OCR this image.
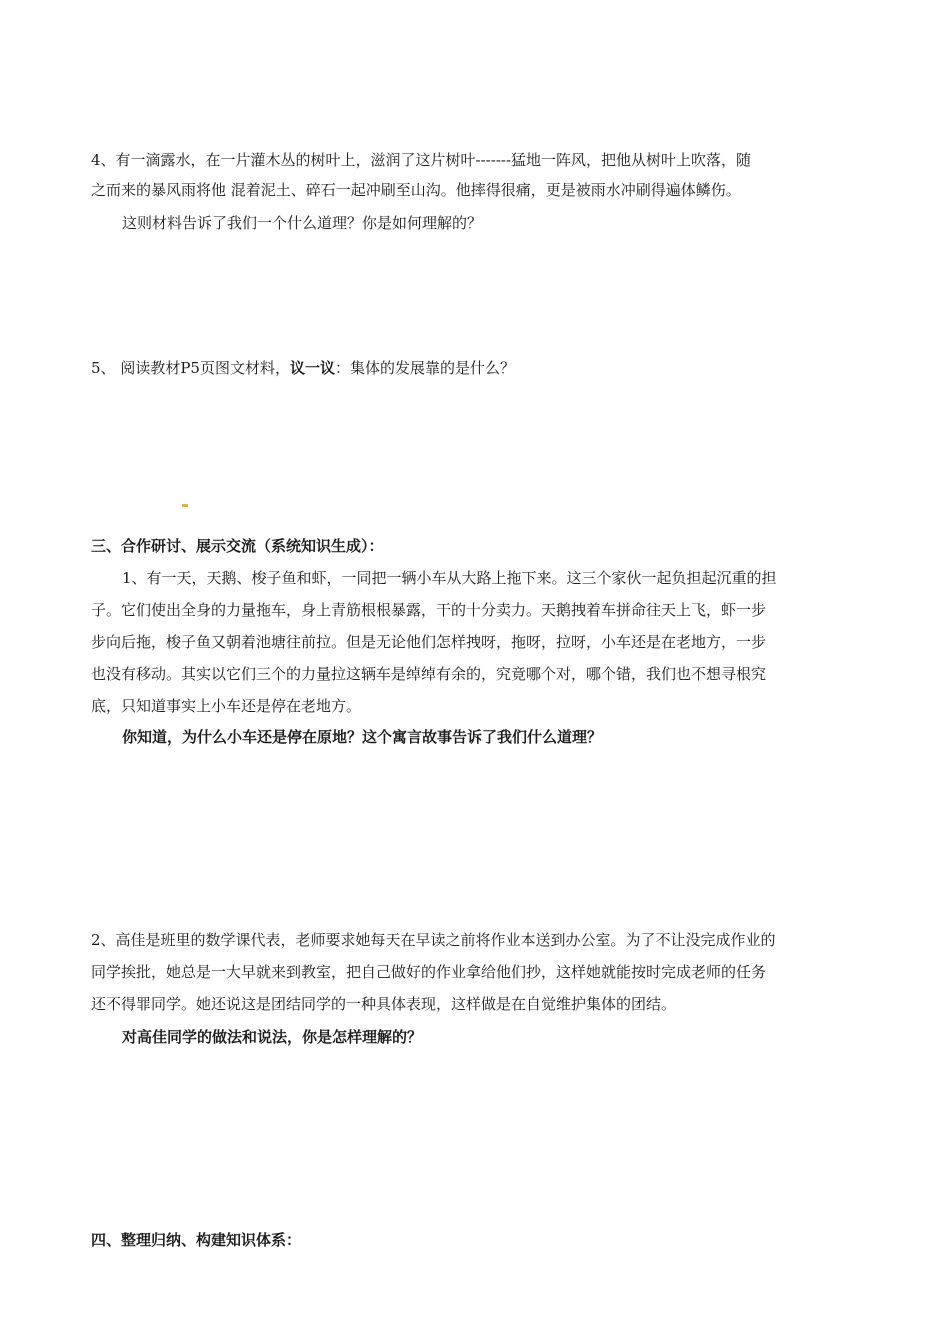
4、有一滴露水，在一片灌木丛的树叶上，滋润了这片树叶-------猛地一阵风，把他从树叶上吹落，随
之而来的暴风雨将他 混着泥土、碎石一起冲刷至山沟。他摔得很痛，更是被雨水冲刷得遍体鳞伤。
这则材料告诉了我们一个什么道理？你是如何理解的？
5、 阅读教材P5页图文材料，议一议：集体的发展靠的是什么？
三、合作研讨、展示交流（系统知识生成）：
1、有一天，天鹅、梭子鱼和虾，一同把一辆小车从大路上拖下来。这三个家伙一起负担起沉重的担
子。它们使出全身的力量拖车，身上青筋根根暴露，干的十分卖力。天鹅拽着车拼命往天上飞，虾一步
步向后拖，梭子鱼又朝着池塘往前拉。但是无论他们怎样拽呀，拖呀，拉呀，小车还是在老地方，一步
也没有移动。其实以它们三个的力量拉这辆车是绰绰有余的，究竟哪个对，哪个错，我们也不想寻根究
底，只知道事实上小车还是停在老地方。
你知道，为什么小车还是停在原地？这个寓言故事告诉了我们什么道理？
2、高佳是班里的数学课代表，老师要求她每天在早读之前将作业本送到办公室。为了不让没完成作业的
同学挨批，她总是一大早就来到教室，把自己做好的作业拿给他们抄，这样她就能按时完成老师的任务
还不得罪同学。她还说这是团结同学的一种具体表现，这样做是在自觉维护集体的团结。
对高佳同学的做法和说法，你是怎样理解的？
四、整理归纳、构建知识体系：
